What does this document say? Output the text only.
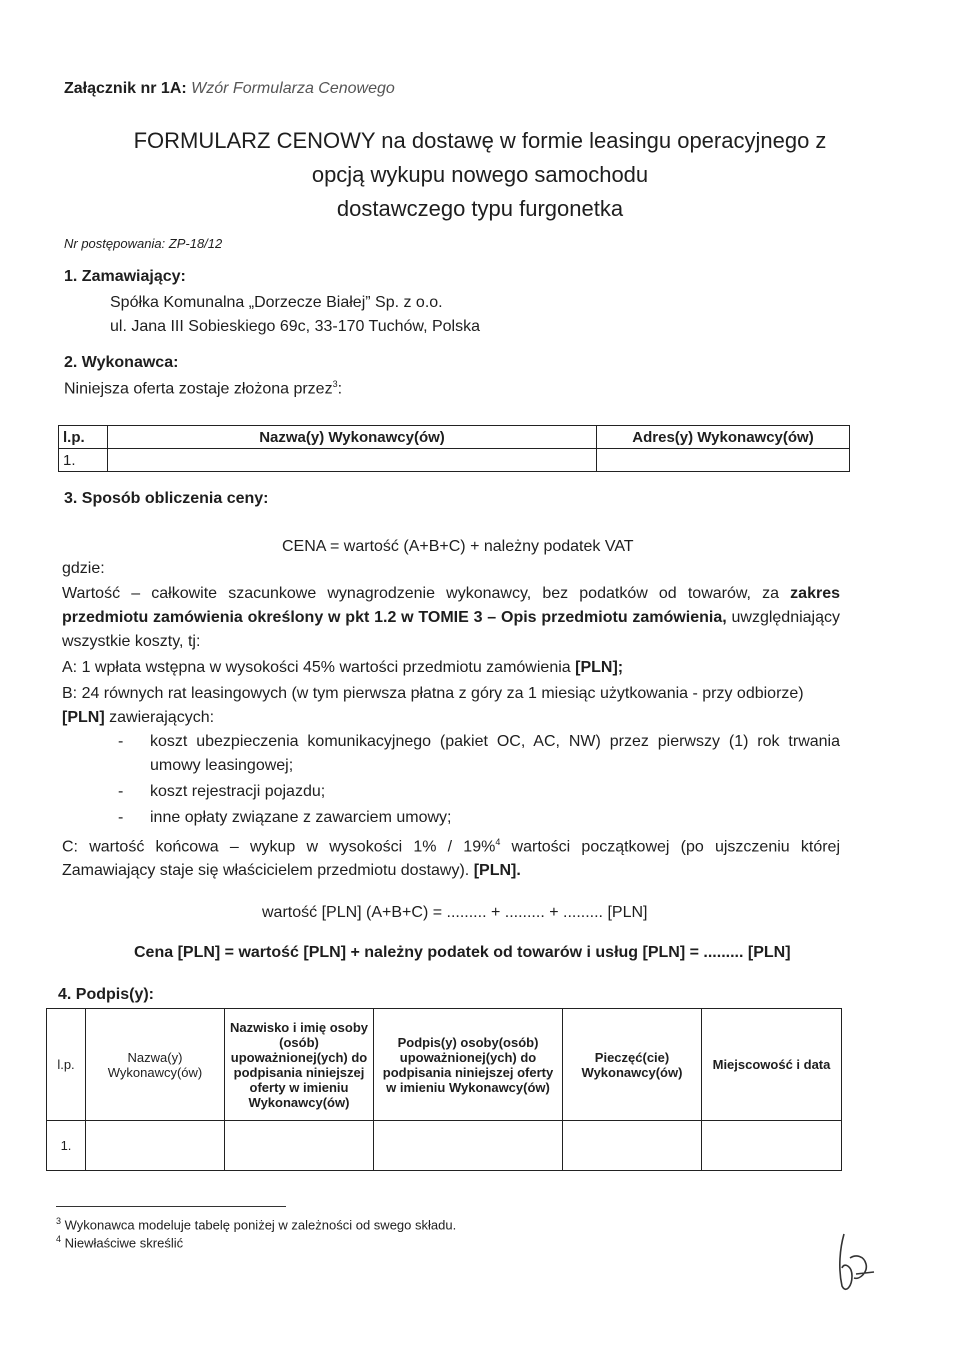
Załącznik nr 1A: Wzór Formularza Cenowego
FORMULARZ CENOWY na dostawę w formie leasingu operacyjnego z
opcją wykupu nowego samochodu
dostawczego typu furgonetka
Nr postępowania: ZP-18/12
1. Zamawiający:
Spółka Komunalna „Dorzecze Białej” Sp. z o.o.
ul. Jana III Sobieskiego 69c, 33-170 Tuchów, Polska
2. Wykonawca:
Niniejsza oferta zostaje złożona przez$^3$:
l.p.	Nazwa(y) Wykonawcy(ów)	Adres(y) Wykonawcy(ów)
1.		
3. Sposób obliczenia ceny:
CENA = wartość (A+B+C) + należny podatek VAT
gdzie:
Wartość – całkowite szacunkowe wynagrodzenie wykonawcy, bez podatków od towarów, za zakres przedmiotu zamówienia określony w pkt 1.2 w TOMIE 3 – Opis przedmiotu zamówienia, uwzględniający wszystkie koszty, tj:
A: 1 wpłata wstępna w wysokości 45% wartości przedmiotu zamówienia [PLN];
B: 24 równych rat leasingowych (w tym pierwsza płatna z góry za 1 miesiąc użytkowania - przy odbiorze) [PLN] zawierających:
-	koszt ubezpieczenia komunikacyjnego (pakiet OC, AC, NW) przez pierwszy (1) rok trwania umowy leasingowej;
-	koszt rejestracji pojazdu;
-	inne opłaty związane z zawarciem umowy;
C: wartość końcowa – wykup w wysokości 1% / 19%$^4$ wartości początkowej (po ujszczeniu której Zamawiający staje się właścicielem przedmiotu dostawy). [PLN].
wartość [PLN] (A+B+C) = ......... + ......... + ......... [PLN]
Cena [PLN] = wartość [PLN] + należny podatek od towarów i usług [PLN] = ......... [PLN]
4. Podpis(y):
l.p.	Nazwa(y) Wykonawcy(ów)	Nazwisko i imię osoby (osób) upoważnionej(ych) do podpisania niniejszej oferty w imieniu Wykonawcy(ów)	Podpis(y) osoby(osób) upoważnionej(ych) do podpisania niniejszej oferty w imieniu Wykonawcy(ów)	Pieczęć(cie) Wykonawcy(ów)	Miejscowość i data
1.					
$^3$ Wykonawca modeluje tabelę poniżej w zależności od swego składu.
$^4$ Niewłaściwe skreślić
